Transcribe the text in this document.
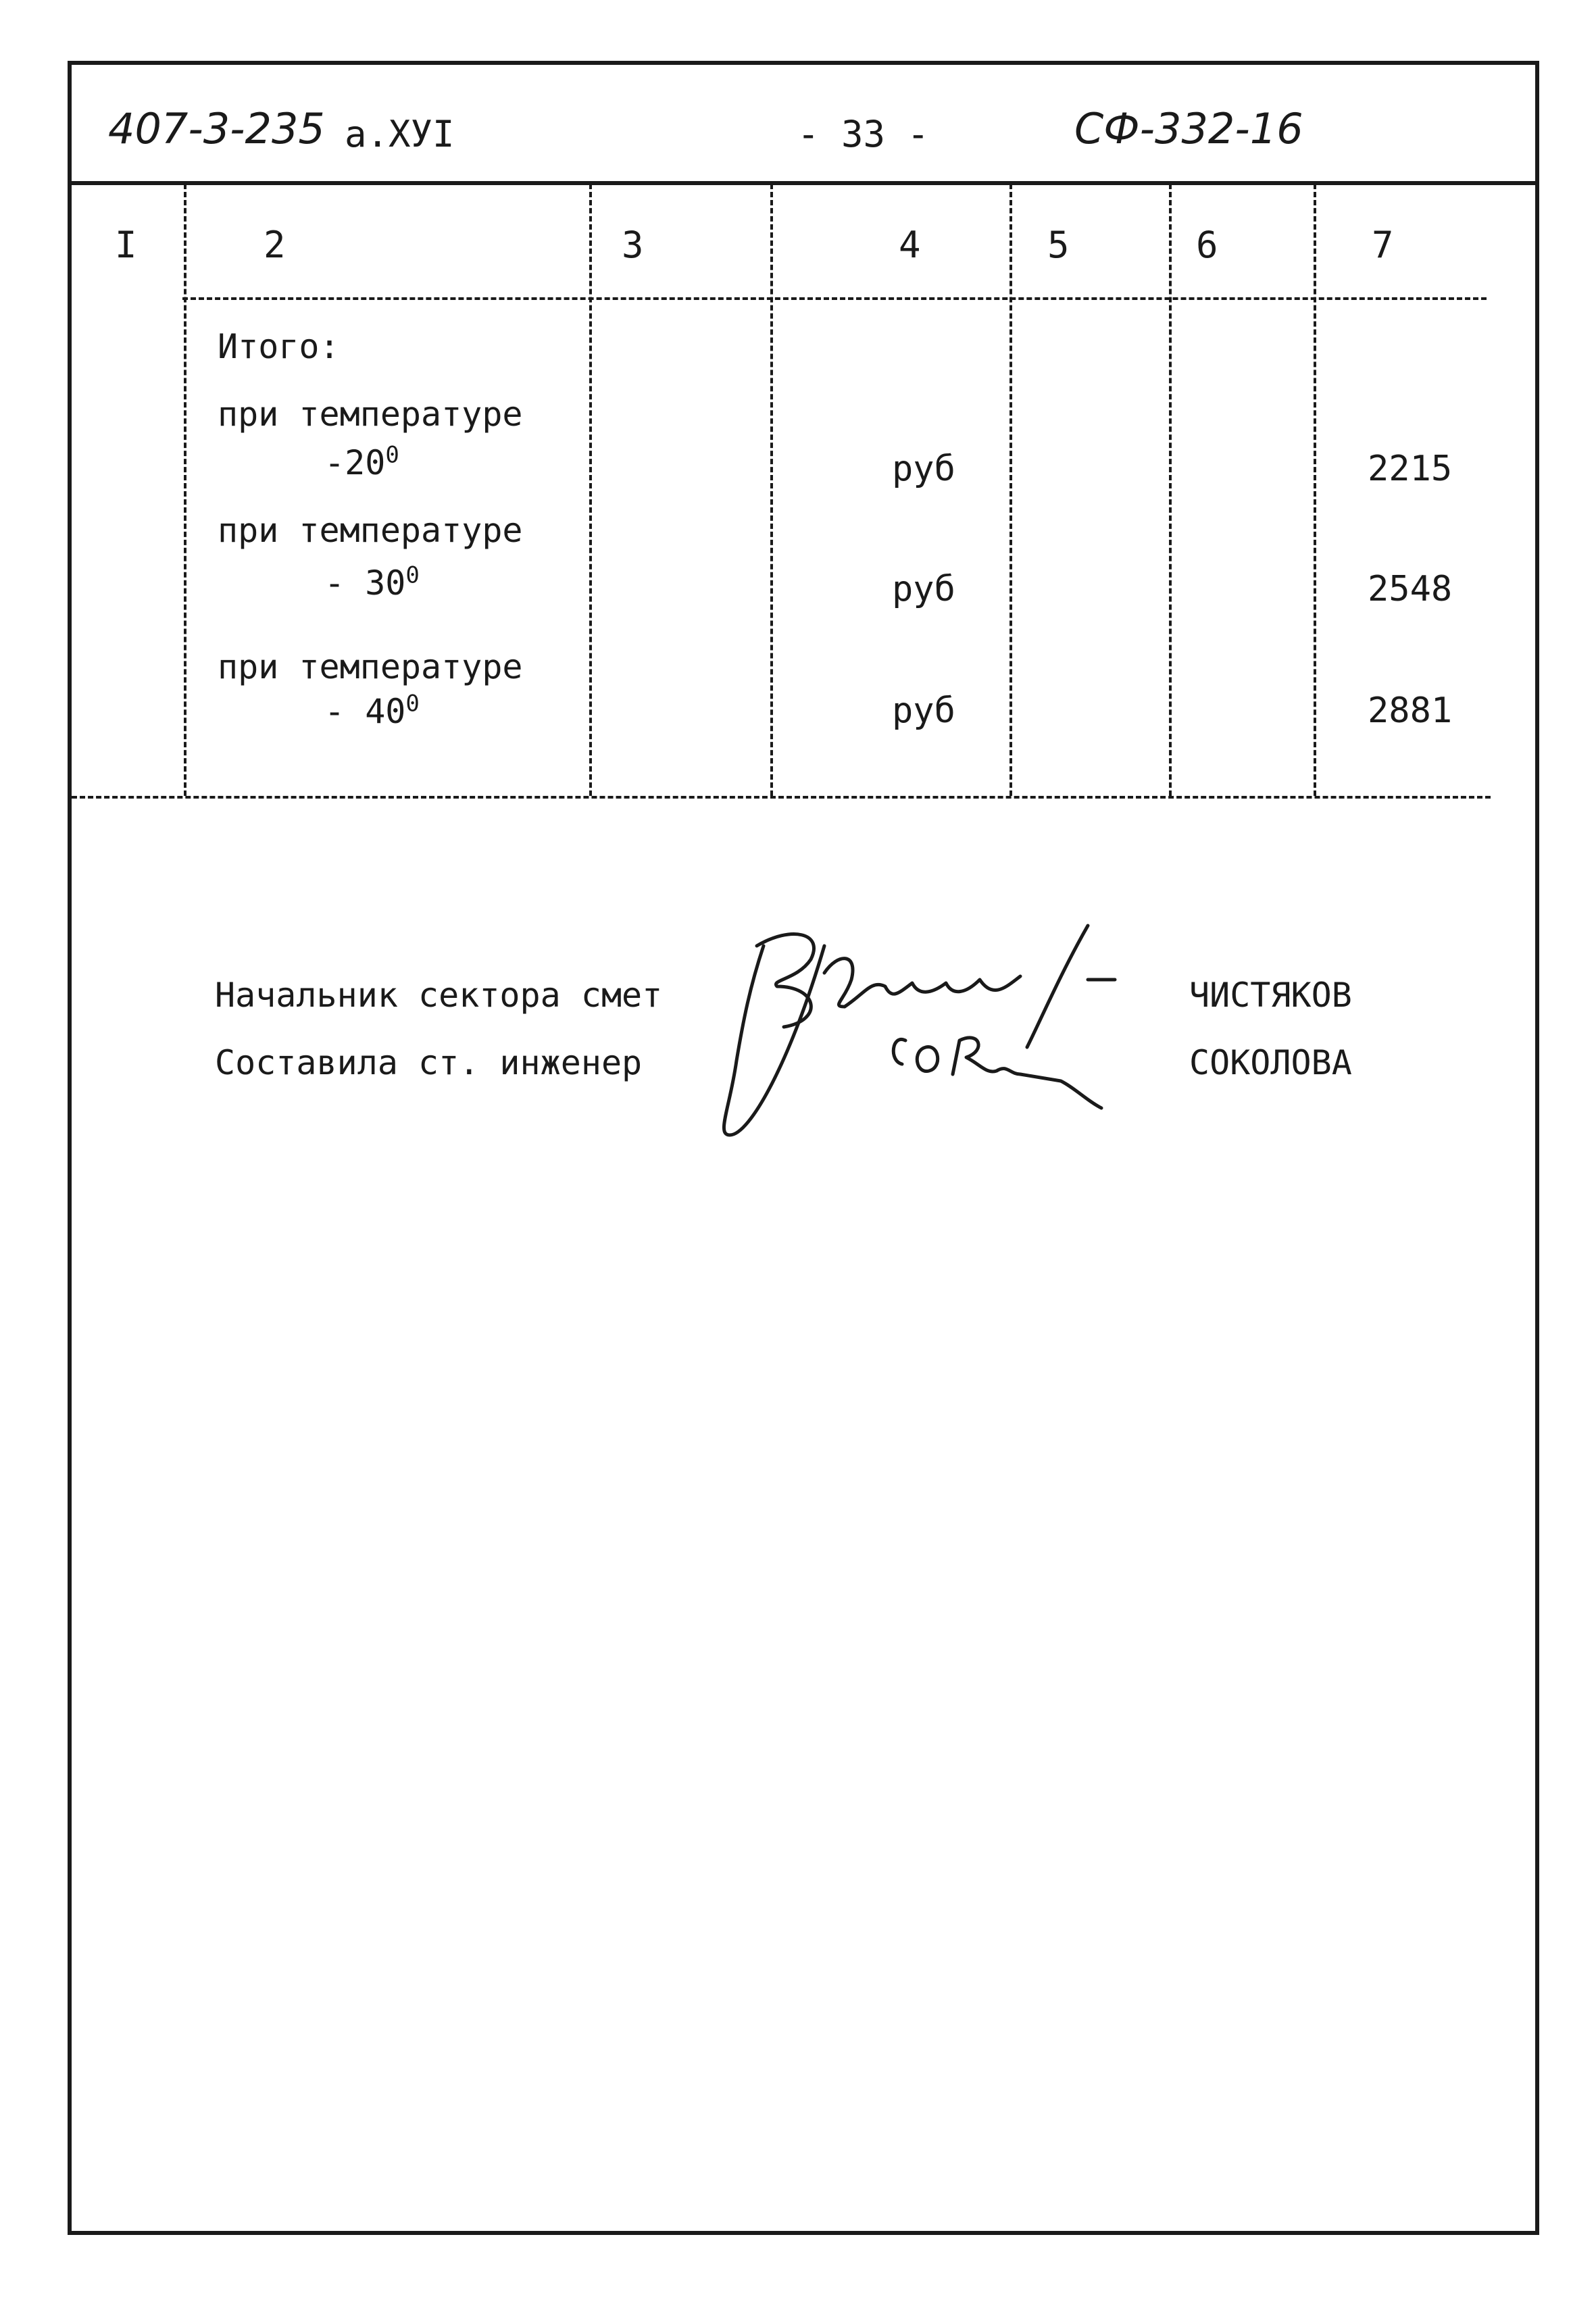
407-3-235 а.XУI	- 33 -	СФ-332-16
I	2	3	4	5	6	7
Итого:
при температуре
$-20^0$	руб	2215
при температуре
- $30^0$	руб	2548
при температуре
- $40^0$	руб	2881
Начальник сектора смет	ЧИСТЯКОВ
Составила ст. инженер	СОКОЛОВА
